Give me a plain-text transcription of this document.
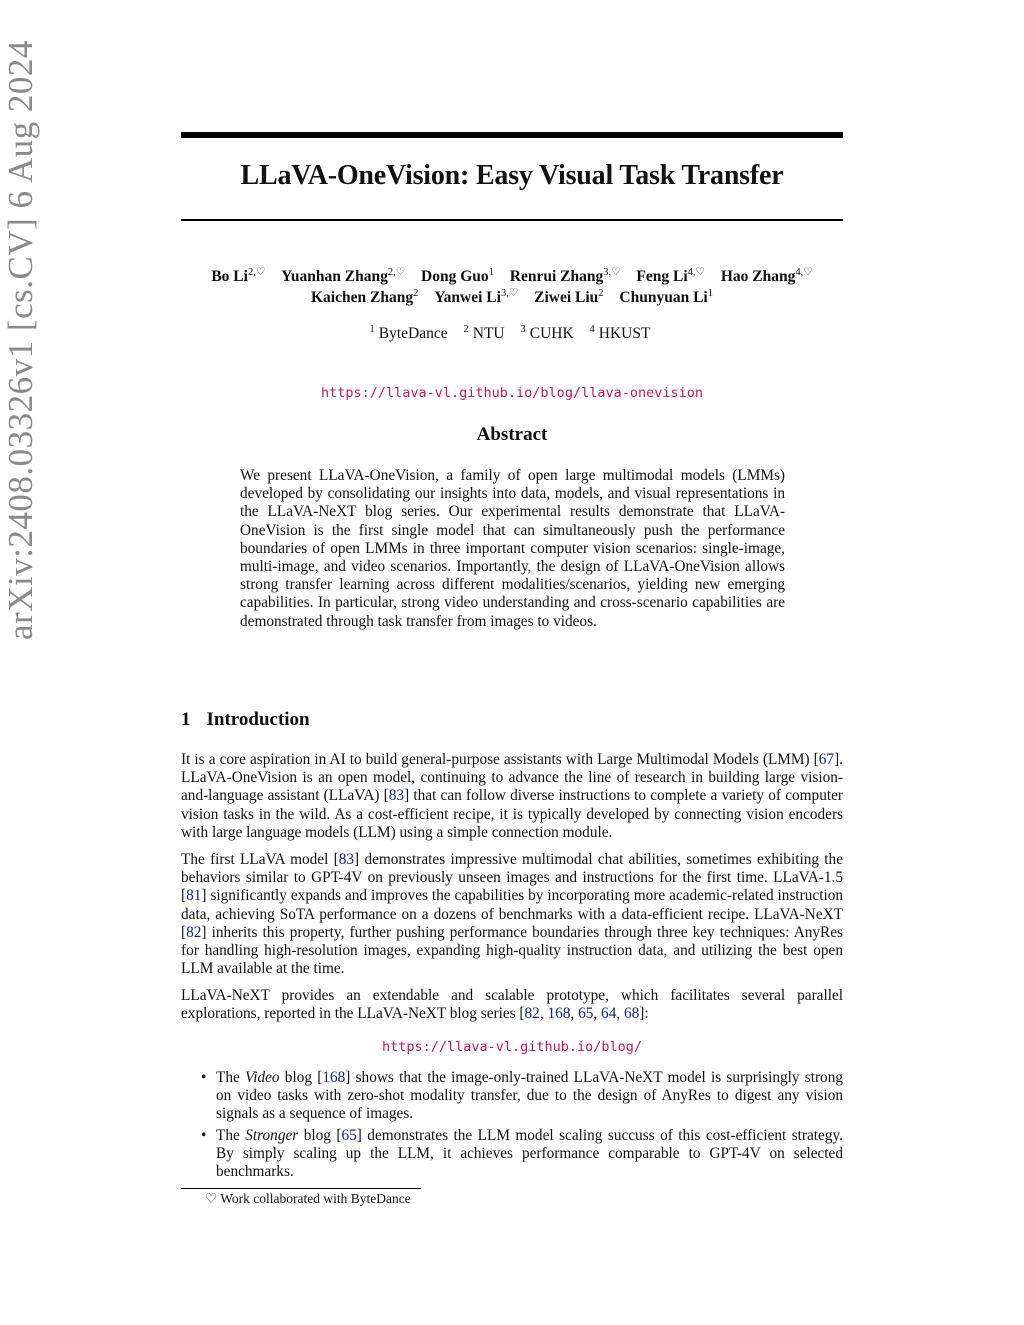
arXiv:2408.03326v1 [cs.CV] 6 Aug 2024	LLaVA-OneVision: Easy Visual Task Transfer
Bo $Li^{2,♡}$ Yuanhan Zhang$^{2,♡}$ Dong Guo$^1$ Renrui Zhang$^{3,♡}$ Feng $Li^{4,♡}$ Hao Zhang$^{4,♡}$
Kaichen Zhang$^2$ Yanwei $Li^{3,♡}$ Ziwei Liu$^2$ Chunyuan Li$^1$
$^1$ ByteDance $^2$ NTU $^3$ CUHK $^4$ HKUST
https://llava-vl.github.io/blog/llava-onevision
Abstract
We present LLaVA-OneVision, a family of open large multimodal models (LMMs) developed by consolidating our insights into data, models, and visual representations in the LLaVA-NeXT blog series. Our experimental results demonstrate that LLaVA-OneVision is the first single model that can simultaneously push the performance boundaries of open LMMs in three important computer vision scenarios: single-image, multi-image, and video scenarios. Importantly, the design of LLaVA-OneVision allows strong transfer learning across different modalities/scenarios, yielding new emerging capabilities. In particular, strong video understanding and cross-scenario capabilities are demonstrated through task transfer from images to videos.
1 Introduction
It is a core aspiration in AI to build general-purpose assistants with Large Multimodal Models (LMM) [67]. LLaVA-OneVision is an open model, continuing to advance the line of research in building large vision-and-language assistant (LLaVA) [83] that can follow diverse instructions to complete a variety of computer vision tasks in the wild. As a cost-efficient recipe, it is typically developed by connecting vision encoders with large language models (LLM) using a simple connection module.
The first LLaVA model [83] demonstrates impressive multimodal chat abilities, sometimes exhibiting the behaviors similar to GPT-4V on previously unseen images and instructions for the first time. LLaVA-1.5 [81] significantly expands and improves the capabilities by incorporating more academic-related instruction data, achieving SoTA performance on a dozens of benchmarks with a data-efficient recipe. LLaVA-NeXT [82] inherits this property, further pushing performance boundaries through three key techniques: AnyRes for handling high-resolution images, expanding high-quality instruction data, and utilizing the best open LLM available at the time.
LLaVA-NeXT provides an extendable and scalable prototype, which facilitates several parallel explorations, reported in the LLaVA-NeXT blog series [82, 168, 65, 64, 68]:
https://llava-vl.github.io/blog/
• The Video blog [168] shows that the image-only-trained LLaVA-NeXT model is surprisingly strong on video tasks with zero-shot modality transfer, due to the design of AnyRes to digest any vision signals as a sequence of images.
• The Stronger blog [65] demonstrates the LLM model scaling succuss of this cost-efficient strategy. By simply scaling up the LLM, it achieves performance comparable to GPT-4V on selected benchmarks.
♡ Work collaborated with ByteDance
